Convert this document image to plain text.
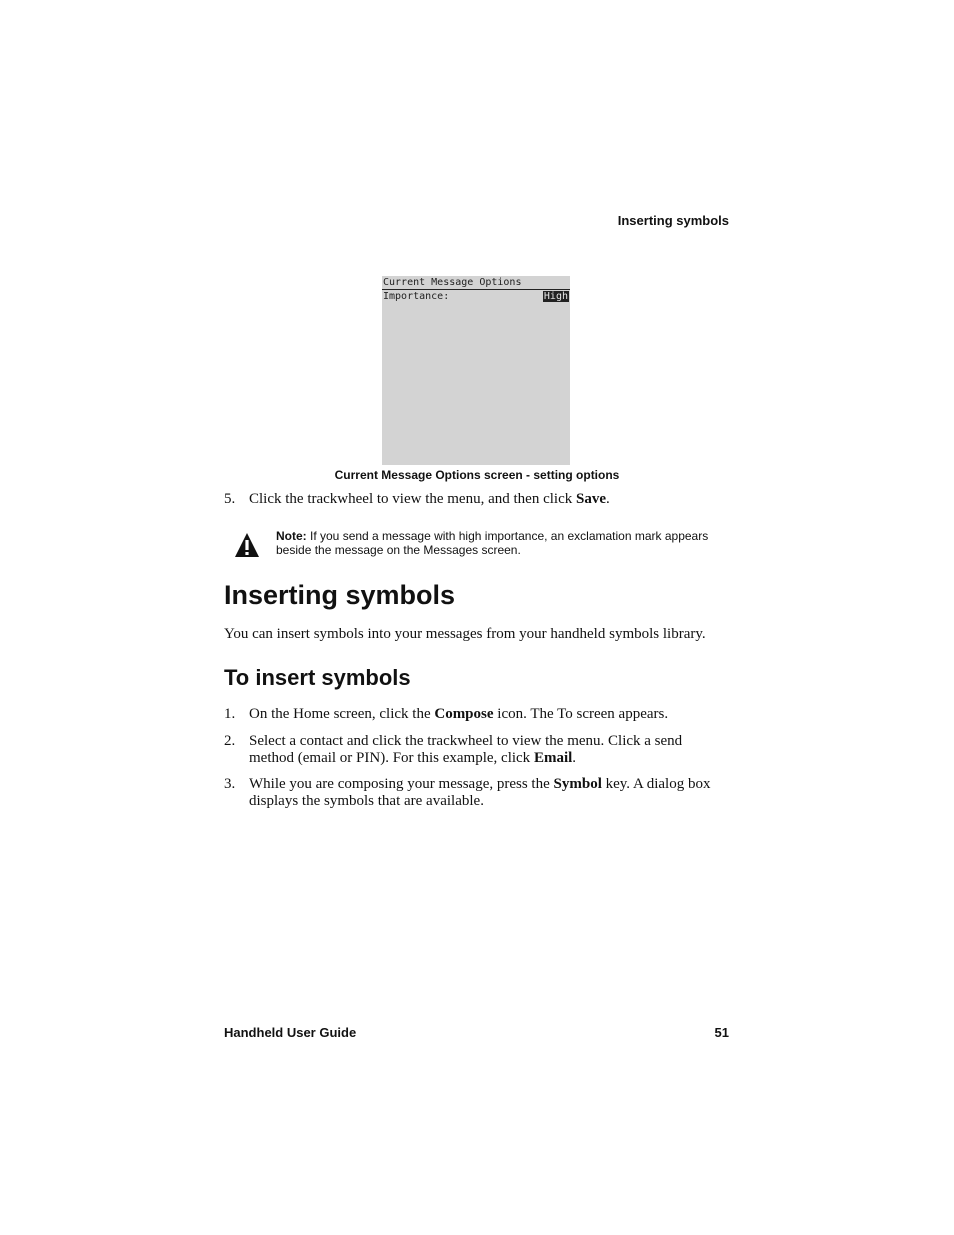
Inserting symbols
Current Message Options
Importance:	High
Current Message Options screen - setting options
5. Click the trackwheel to view the menu, and then click Save.
Note: If you send a message with high importance, an exclamation mark appears beside the message on the Messages screen.
Inserting symbols
You can insert symbols into your messages from your handheld symbols library.
To insert symbols
1. On the Home screen, click the Compose icon. The To screen appears.
2. Select a contact and click the trackwheel to view the menu. Click a send method (email or PIN). For this example, click Email.
3. While you are composing your message, press the Symbol key. A dialog box displays the symbols that are available.
Handheld User Guide	51
